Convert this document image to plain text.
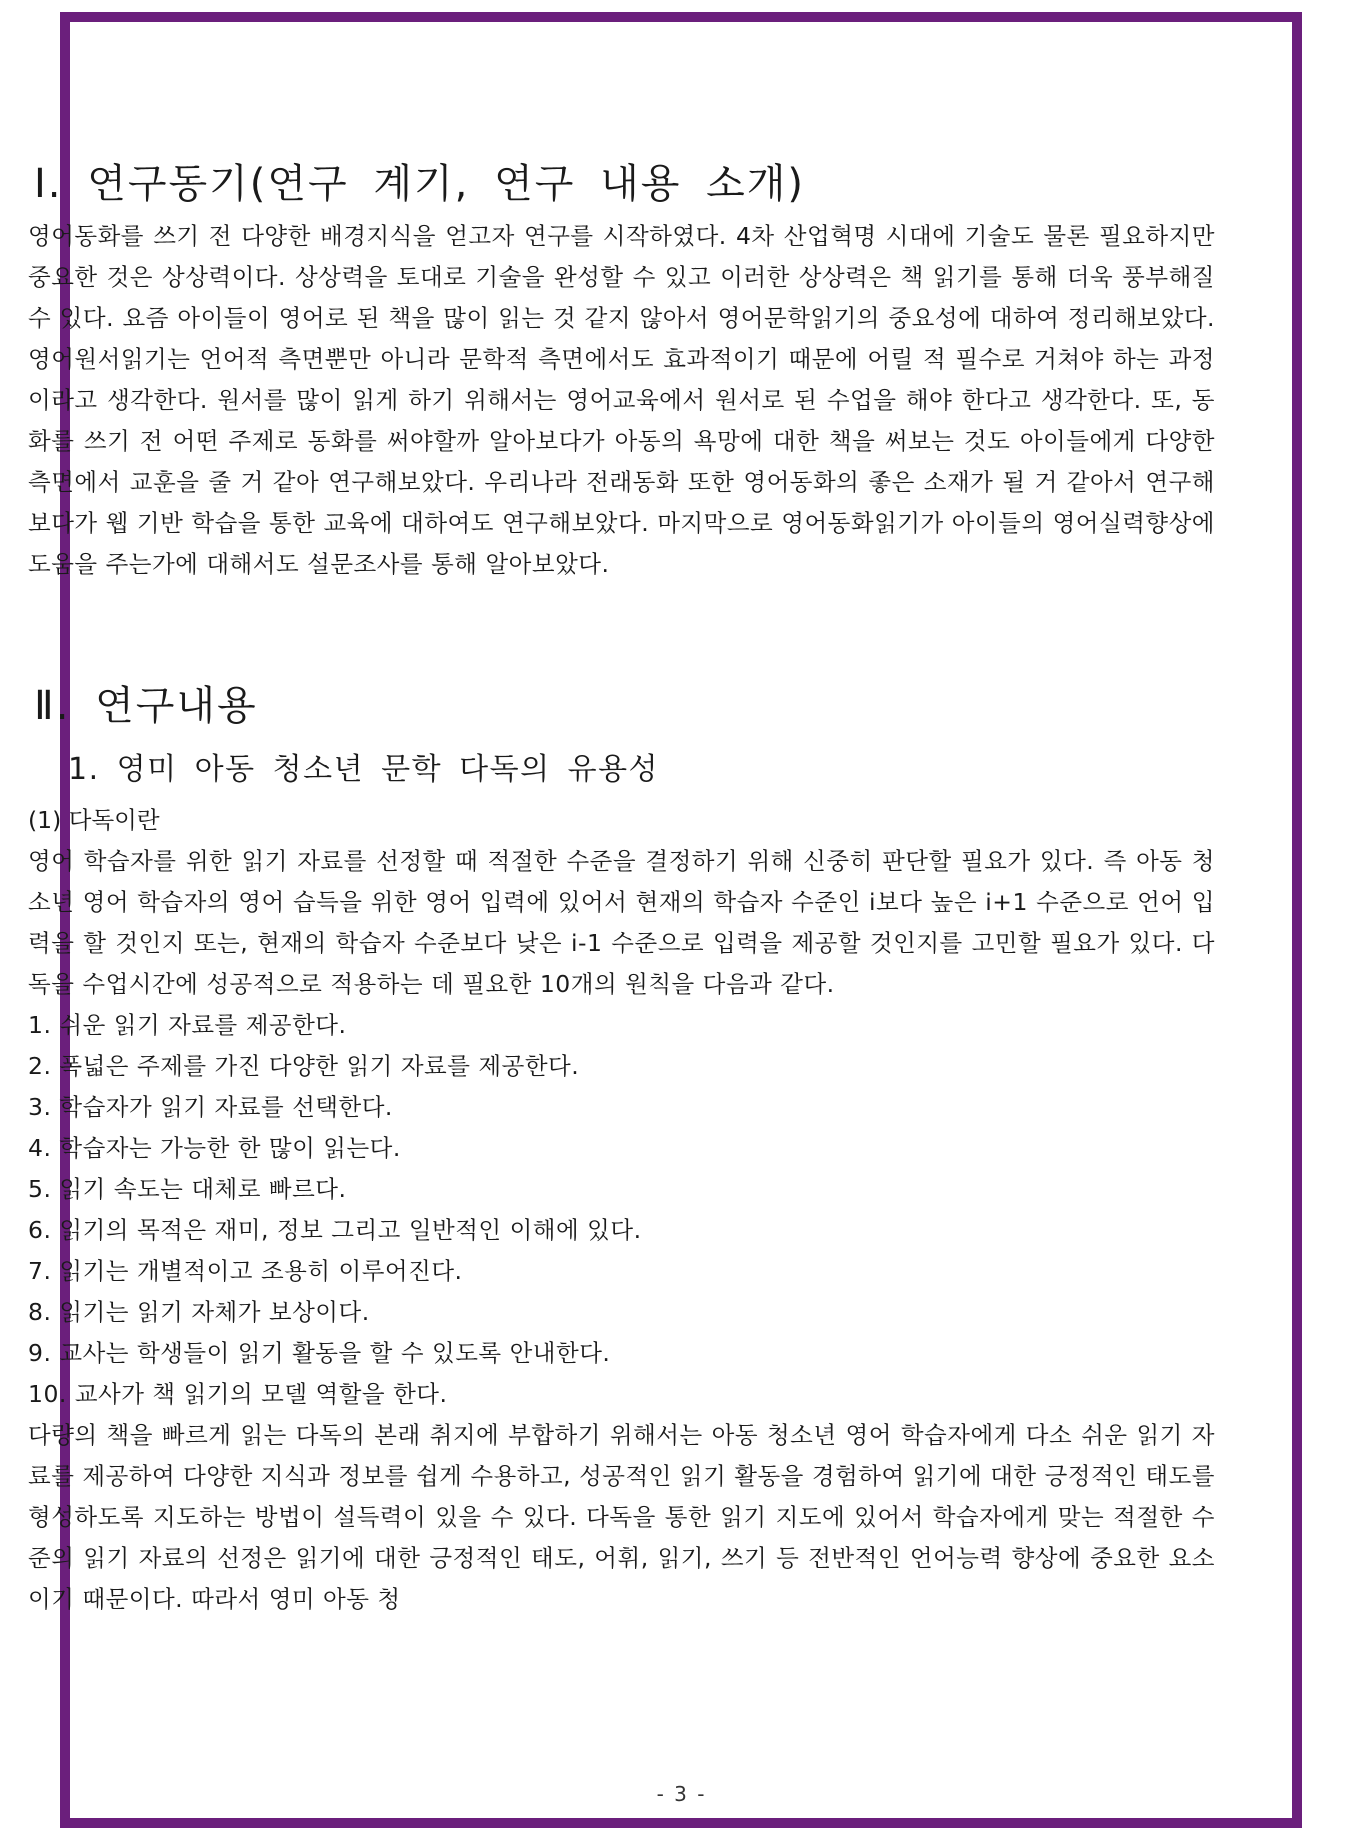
Ⅰ. 연구동기(연구 계기, 연구 내용 소개)

영어동화를 쓰기 전 다양한 배경지식을 얻고자 연구를 시작하였다. 4차 산업혁명 시대에 기술도 물론 필요하지만 중요한 것은 상상력이다. 상상력을 토대로 기술을 완성할 수 있고 이러한 상상력은 책 읽기를 통해 더욱 풍부해질 수 있다. 요즘 아이들이 영어로 된 책을 많이 읽는 것 같지 않아서 영어문학읽기의 중요성에 대하여 정리해보았다. 영어원서읽기는 언어적 측면뿐만 아니라 문학적 측면에서도 효과적이기 때문에 어릴 적 필수로 거쳐야 하는 과정이라고 생각한다. 원서를 많이 읽게 하기 위해서는 영어교육에서 원서로 된 수업을 해야 한다고 생각한다. 또, 동화를 쓰기 전 어떤 주제로 동화를 써야할까 알아보다가 아동의 욕망에 대한 책을 써보는 것도 아이들에게 다양한 측면에서 교훈을 줄 거 같아 연구해보았다. 우리나라 전래동화 또한 영어동화의 좋은 소재가 될 거 같아서 연구해보다가 웹 기반 학습을 통한 교육에 대하여도 연구해보았다. 마지막으로 영어동화읽기가 아이들의 영어실력향상에 도움을 주는가에 대해서도 설문조사를 통해 알아보았다.

Ⅱ. 연구내용
1. 영미 아동 청소년 문학 다독의 유용성

(1) 다독이란

영어 학습자를 위한 읽기 자료를 선정할 때 적절한 수준을 결정하기 위해 신중히 판단할 필요가 있다. 즉 아동 청소년 영어 학습자의 영어 습득을 위한 영어 입력에 있어서 현재의 학습자 수준인 i보다 높은 i+1 수준으로 언어 입력을 할 것인지 또는, 현재의 학습자 수준보다 낮은 i-1 수준으로 입력을 제공할 것인지를 고민할 필요가 있다. 다독을 수업시간에 성공적으로 적용하는 데 필요한 10개의 원칙을 다음과 같다.

1. 쉬운 읽기 자료를 제공한다.
2. 폭넓은 주제를 가진 다양한 읽기 자료를 제공한다.
3. 학습자가 읽기 자료를 선택한다.
4. 학습자는 가능한 한 많이 읽는다.
5. 읽기 속도는 대체로 빠르다.
6. 읽기의 목적은 재미, 정보 그리고 일반적인 이해에 있다.
7. 읽기는 개별적이고 조용히 이루어진다.
8. 읽기는 읽기 자체가 보상이다.
9. 교사는 학생들이 읽기 활동을 할 수 있도록 안내한다.
10. 교사가 책 읽기의 모델 역할을 한다.

다량의 책을 빠르게 읽는 다독의 본래 취지에 부합하기 위해서는 아동 청소년 영어 학습자에게 다소 쉬운 읽기 자료를 제공하여 다양한 지식과 정보를 쉽게 수용하고, 성공적인 읽기 활동을 경험하여 읽기에 대한 긍정적인 태도를 형성하도록 지도하는 방법이 설득력이 있을 수 있다. 다독을 통한 읽기 지도에 있어서 학습자에게 맞는 적절한 수준의 읽기 자료의 선정은 읽기에 대한 긍정적인 태도, 어휘, 읽기, 쓰기 등 전반적인 언어능력 향상에 중요한 요소이기 때문이다. 따라서 영미 아동 청

- 3 -
